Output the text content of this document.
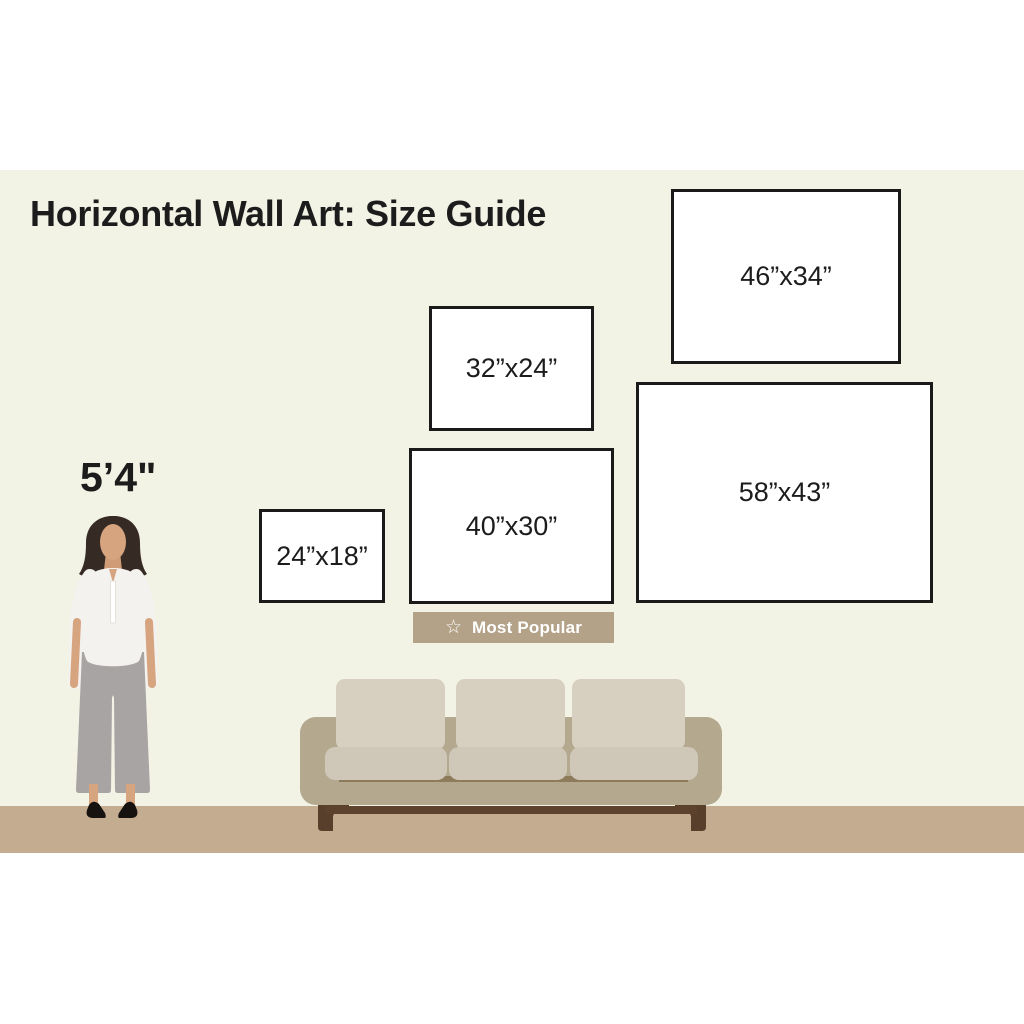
Horizontal Wall Art: Size Guide
5’4"
46”x34”
32”x24”
58”x43”
40”x30”
24”x18”
☆ Most Popular
